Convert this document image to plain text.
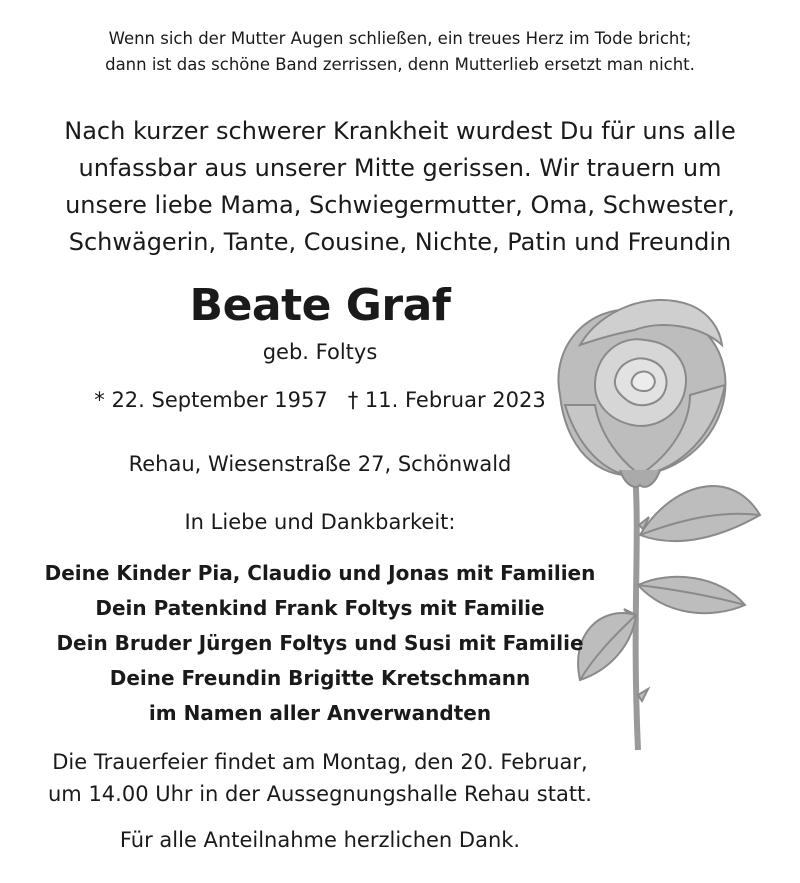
Wenn sich der Mutter Augen schließen, ein treues Herz im Tode bricht;
dann ist das schöne Band zerrissen, denn Mutterlieb ersetzt man nicht.
Nach kurzer schwerer Krankheit wurdest Du für uns alle
unfassbar aus unserer Mitte gerissen. Wir trauern um
unsere liebe Mama, Schwiegermutter, Oma, Schwester,
Schwägerin, Tante, Cousine, Nichte, Patin und Freundin
Beate Graf
geb. Foltys
* 22. September 1957 † 11. Februar 2023
Rehau, Wiesenstraße 27, Schönwald
In Liebe und Dankbarkeit:
Deine Kinder Pia, Claudio und Jonas mit Familien
Dein Patenkind Frank Foltys mit Familie
Dein Bruder Jürgen Foltys und Susi mit Familie
Deine Freundin Brigitte Kretschmann
im Namen aller Anverwandten
Die Trauerfeier findet am Montag, den 20. Februar,
um 14.00 Uhr in der Aussegnungshalle Rehau statt.
Für alle Anteilnahme herzlichen Dank.
